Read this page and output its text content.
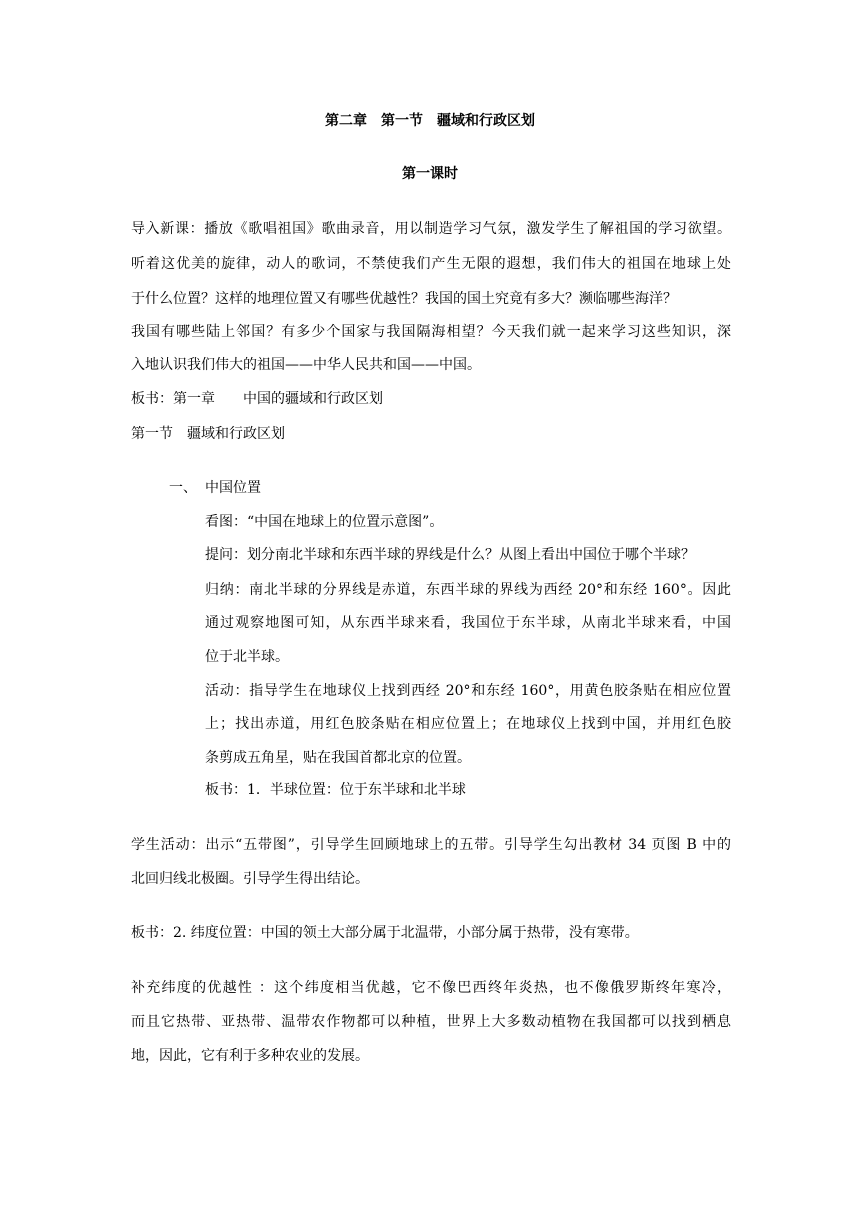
第二章　第一节　疆域和行政区划
第一课时
导入新课：播放《歌唱祖国》歌曲录音，用以制造学习气氛，激发学生了解祖国的学习欲望。
听着这优美的旋律，动人的歌词，不禁使我们产生无限的遐想，我们伟大的祖国在地球上处
于什么位置？这样的地理位置又有哪些优越性？我国的国土究竟有多大？濒临哪些海洋？
我国有哪些陆上邻国？有多少个国家与我国隔海相望？今天我们就一起来学习这些知识，深
入地认识我们伟大的祖国——中华人民共和国——中国。
板书：第一章　　中国的疆域和行政区划
第一节　疆域和行政区划
一、 中国位置
看图：“中国在地球上的位置示意图”。
提问：划分南北半球和东西半球的界线是什么？从图上看出中国位于哪个半球？
归纳：南北半球的分界线是赤道，东西半球的界线为西经 20°和东经 160°。因此
通过观察地图可知，从东西半球来看，我国位于东半球，从南北半球来看，中国
位于北半球。
活动：指导学生在地球仪上找到西经 20°和东经 160°，用黄色胶条贴在相应位置
上；找出赤道，用红色胶条贴在相应位置上；在地球仪上找到中国，并用红色胶
条剪成五角星，贴在我国首都北京的位置。
板书：1．半球位置：位于东半球和北半球
学生活动：出示“五带图”，引导学生回顾地球上的五带。引导学生勾出教材 34 页图 B 中的
北回归线北极圈。引导学生得出结论。
板书：2. 纬度位置：中国的领土大部分属于北温带，小部分属于热带，没有寒带。
补充纬度的优越性 ：这个纬度相当优越，它不像巴西终年炎热，也不像俄罗斯终年寒冷，
而且它热带、亚热带、温带农作物都可以种植，世界上大多数动植物在我国都可以找到栖息
地，因此，它有利于多种农业的发展。
